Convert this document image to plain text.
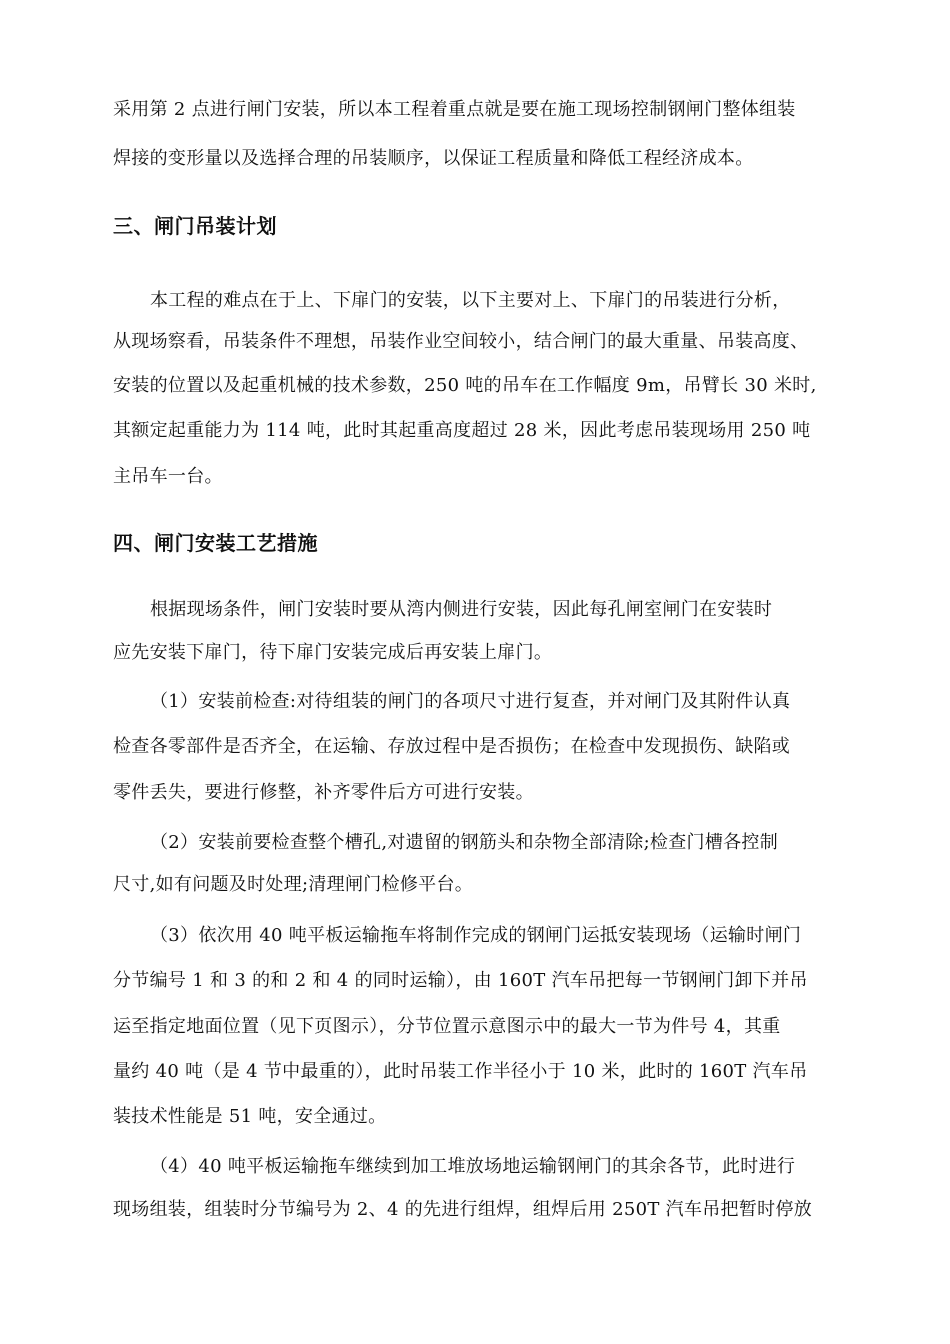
采用第 2 点进行闸门安装，所以本工程着重点就是要在施工现场控制钢闸门整体组装
焊接的变形量以及选择合理的吊装顺序，以保证工程质量和降低工程经济成本。
三、闸门吊装计划
本工程的难点在于上、下扉门的安装，以下主要对上、下扉门的吊装进行分析，
从现场察看，吊装条件不理想，吊装作业空间较小，结合闸门的最大重量、吊装高度、
安装的位置以及起重机械的技术参数，250 吨的吊车在工作幅度 9m，吊臂长 30 米时,
其额定起重能力为 114 吨，此时其起重高度超过 28 米，因此考虑吊装现场用 250 吨
主吊车一台。
四、闸门安装工艺措施
根据现场条件，闸门安装时要从湾内侧进行安装，因此每孔闸室闸门在安装时
应先安装下扉门，待下扉门安装完成后再安装上扉门。
（1）安装前检查:对待组装的闸门的各项尺寸进行复查，并对闸门及其附件认真
检查各零部件是否齐全，在运输、存放过程中是否损伤；在检查中发现损伤、缺陷或
零件丢失，要进行修整，补齐零件后方可进行安装。
（2）安装前要检查整个槽孔,对遗留的钢筋头和杂物全部清除;检查门槽各控制
尺寸,如有问题及时处理;清理闸门检修平台。
（3）依次用 40 吨平板运输拖车将制作完成的钢闸门运抵安装现场（运输时闸门
分节编号 1 和 3 的和 2 和 4 的同时运输），由 160T 汽车吊把每一节钢闸门卸下并吊
运至指定地面位置（见下页图示），分节位置示意图示中的最大一节为件号 4，其重
量约 40 吨（是 4 节中最重的），此时吊装工作半径小于 10 米，此时的 160T 汽车吊
装技术性能是 51 吨，安全通过。
（4）40 吨平板运输拖车继续到加工堆放场地运输钢闸门的其余各节，此时进行
现场组装，组装时分节编号为 2、4 的先进行组焊，组焊后用 250T 汽车吊把暂时停放
